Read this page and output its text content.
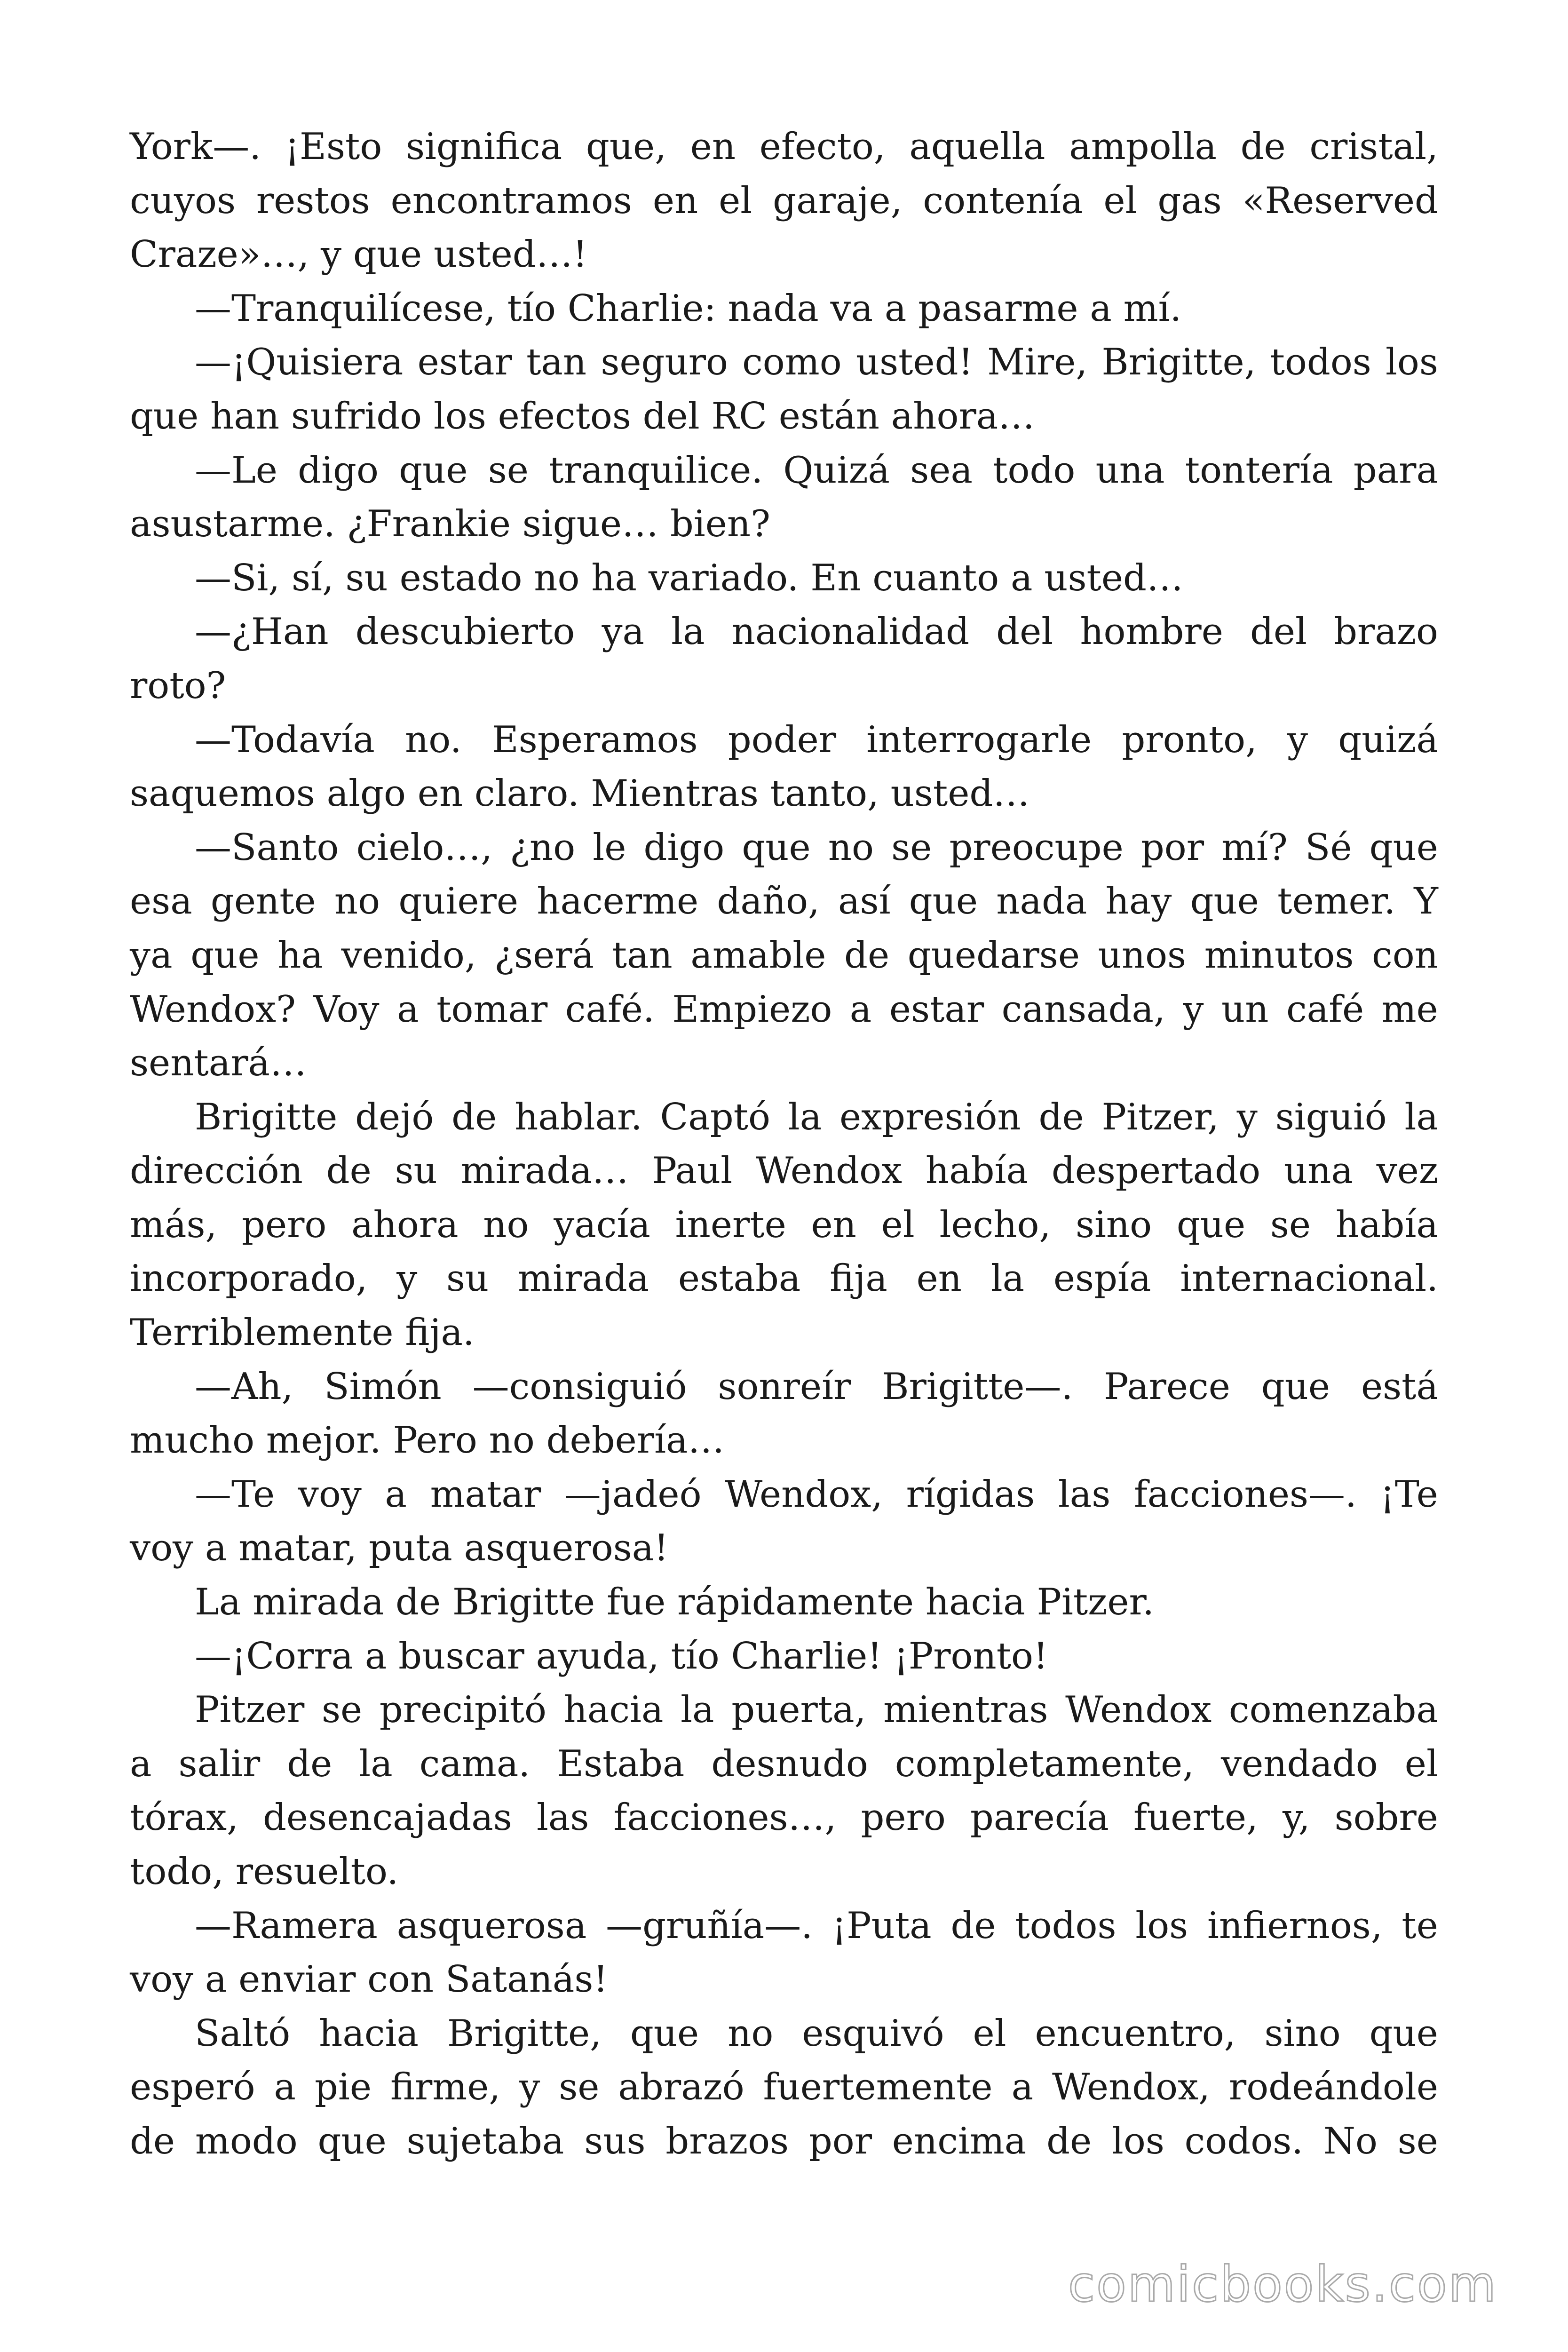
York—. ¡Esto significa que, en efecto, aquella ampolla de cristal,
cuyos restos encontramos en el garaje, contenía el gas «Reserved
Craze»…, y que usted…!
—Tranquilícese, tío Charlie: nada va a pasarme a mí.
—¡Quisiera estar tan seguro como usted! Mire, Brigitte, todos los
que han sufrido los efectos del RC están ahora…
—Le digo que se tranquilice. Quizá sea todo una tontería para
asustarme. ¿Frankie sigue… bien?
—Si, sí, su estado no ha variado. En cuanto a usted…
—¿Han descubierto ya la nacionalidad del hombre del brazo
roto?
—Todavía no. Esperamos poder interrogarle pronto, y quizá
saquemos algo en claro. Mientras tanto, usted…
—Santo cielo…, ¿no le digo que no se preocupe por mí? Sé que
esa gente no quiere hacerme daño, así que nada hay que temer. Y
ya que ha venido, ¿será tan amable de quedarse unos minutos con
Wendox? Voy a tomar café. Empiezo a estar cansada, y un café me
sentará…
Brigitte dejó de hablar. Captó la expresión de Pitzer, y siguió la
dirección de su mirada… Paul Wendox había despertado una vez
más, pero ahora no yacía inerte en el lecho, sino que se había
incorporado, y su mirada estaba fija en la espía internacional.
Terriblemente fija.
—Ah, Simón —consiguió sonreír Brigitte—. Parece que está
mucho mejor. Pero no debería…
—Te voy a matar —jadeó Wendox, rígidas las facciones—. ¡Te
voy a matar, puta asquerosa!
La mirada de Brigitte fue rápidamente hacia Pitzer.
—¡Corra a buscar ayuda, tío Charlie! ¡Pronto!
Pitzer se precipitó hacia la puerta, mientras Wendox comenzaba
a salir de la cama. Estaba desnudo completamente, vendado el
tórax, desencajadas las facciones…, pero parecía fuerte, y, sobre
todo, resuelto.
—Ramera asquerosa —gruñía—. ¡Puta de todos los infiernos, te
voy a enviar con Satanás!
Saltó hacia Brigitte, que no esquivó el encuentro, sino que
esperó a pie firme, y se abrazó fuertemente a Wendox, rodeándole
de modo que sujetaba sus brazos por encima de los codos. No se
comicbooks.com
